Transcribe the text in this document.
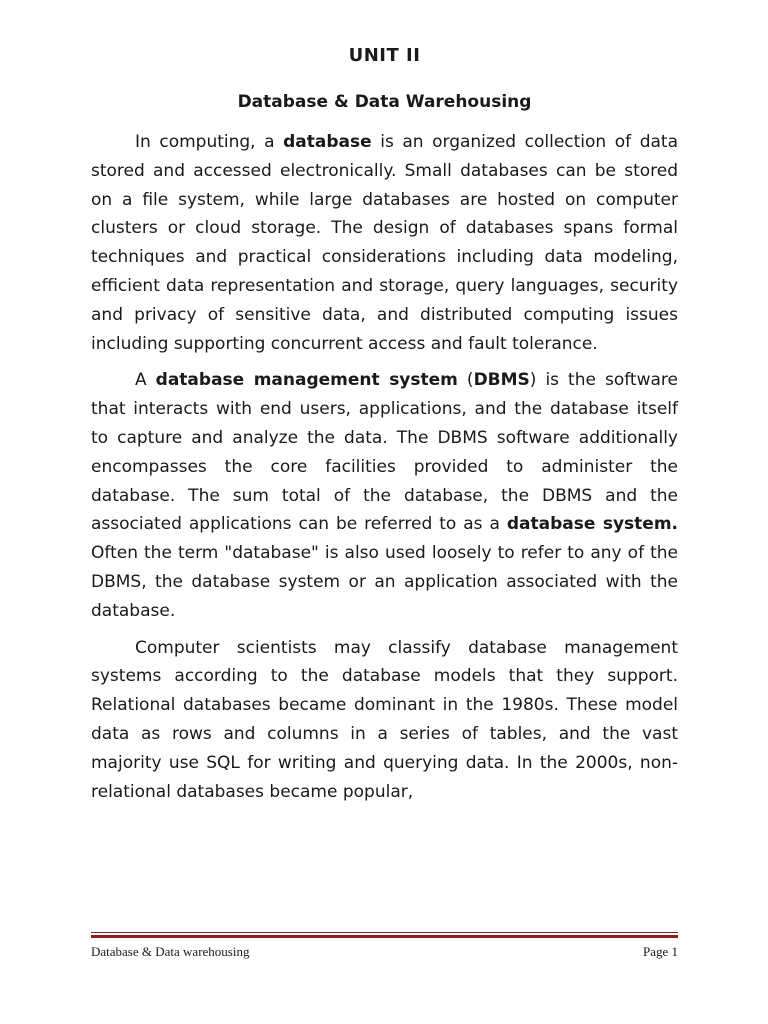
UNIT II
Database & Data Warehousing

In computing, a database is an organized collection of data stored and accessed electronically. Small databases can be stored on a file system, while large databases are hosted on computer clusters or cloud storage. The design of databases spans formal techniques and practical considerations including data modeling, efficient data representation and storage, query languages, security and privacy of sensitive data, and distributed computing issues including supporting concurrent access and fault tolerance.

A database management system (DBMS) is the software that interacts with end users, applications, and the database itself to capture and analyze the data. The DBMS software additionally encompasses the core facilities provided to administer the database. The sum total of the database, the DBMS and the associated applications can be referred to as a database system. Often the term "database" is also used loosely to refer to any of the DBMS, the database system or an application associated with the database.

Computer scientists may classify database management systems according to the database models that they support. Relational databases became dominant in the 1980s. These model data as rows and columns in a series of tables, and the vast majority use SQL for writing and querying data. In the 2000s, non-relational databases became popular,

Database & Data warehousing	Page 1
